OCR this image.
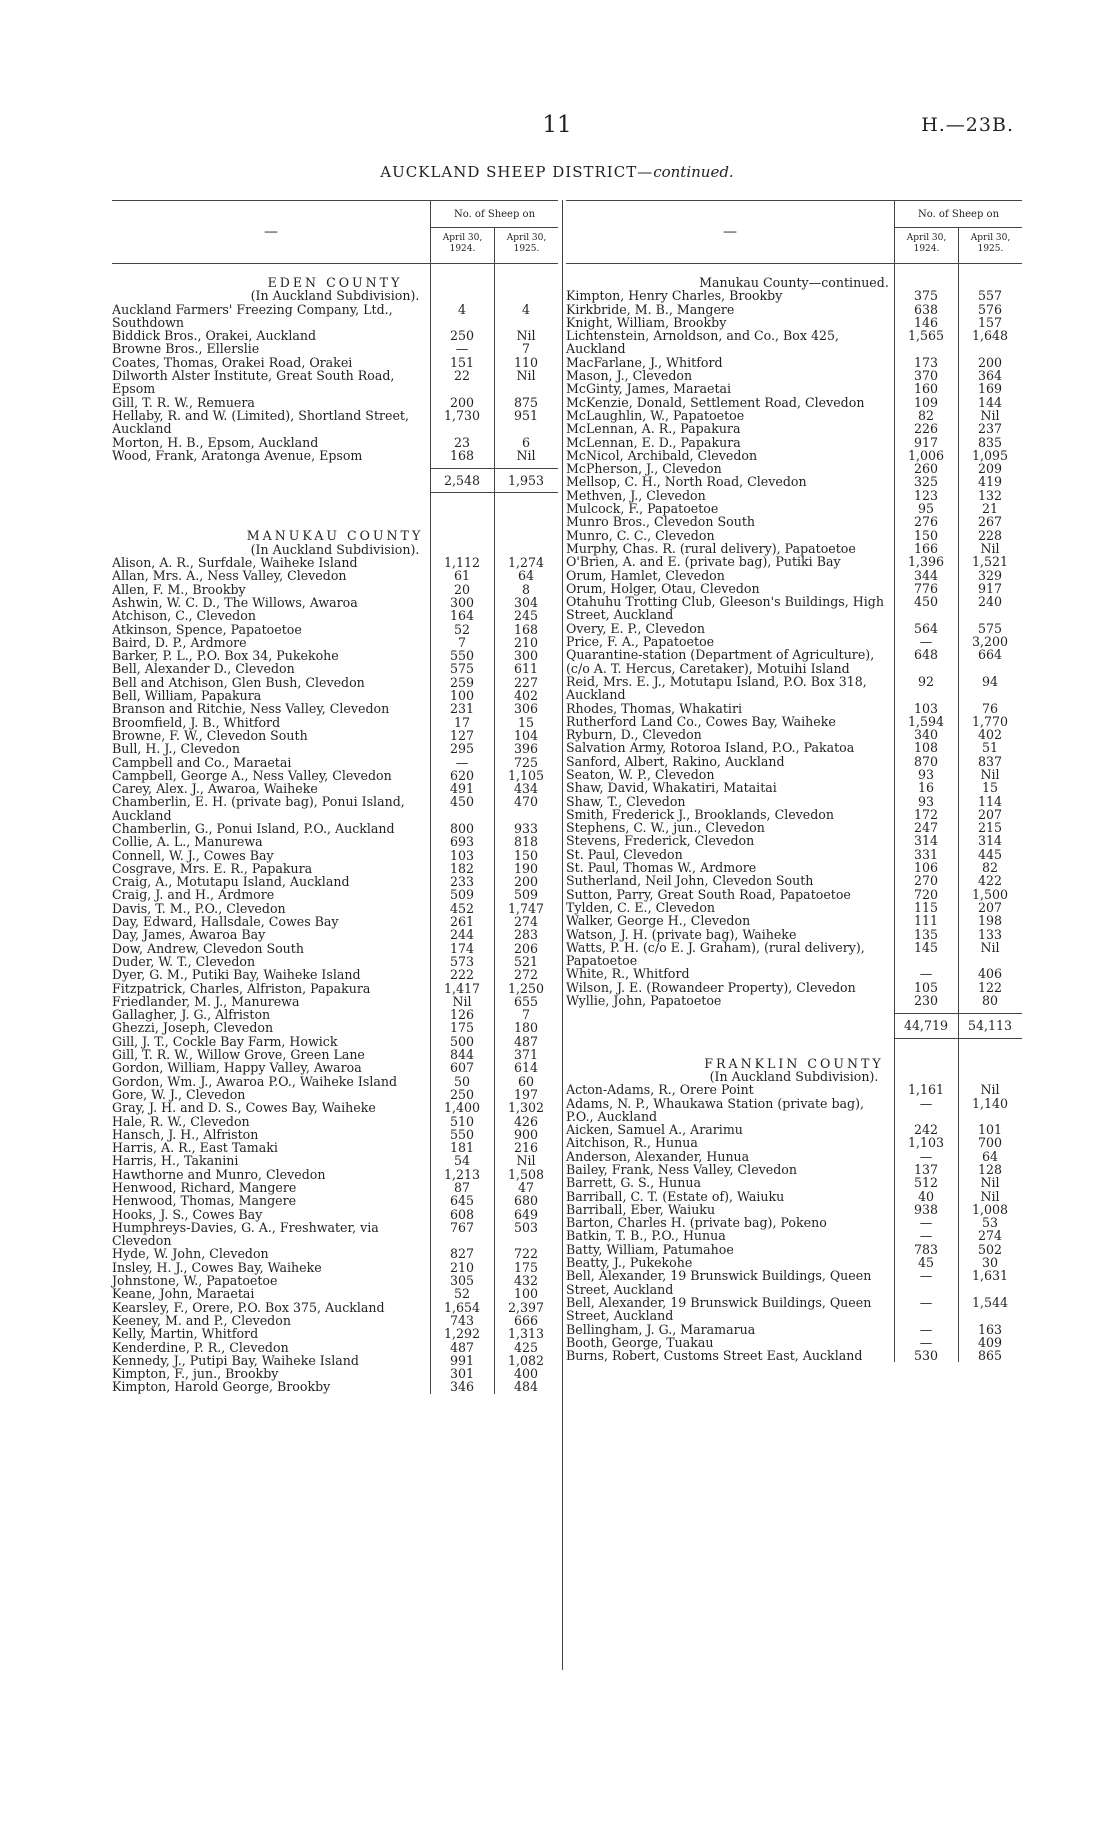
11	H.—23B.
AUCKLAND SHEEP DISTRICT—continued.
—
No. of Sheep on
April 30, 1924.
April 30, 1925.
EDEN COUNTY
(In Auckland Subdivision).
Auckland Farmers' Freezing Company, Ltd., Southdown
4	4
Biddick Bros., Orakei, Auckland	250	Nil
Browne Bros., Ellerslie	—	7
Coates, Thomas, Orakei Road, Orakei	151	110
Dilworth Alster Institute, Great South Road, Epsom
22	Nil
Gill, T. R. W., Remuera	200	875
Hellaby, R. and W. (Limited), Shortland Street, Auckland
1,730	951
Morton, H. B., Epsom, Auckland	23	6
Wood, Frank, Aratonga Avenue, Epsom	168	Nil
2,548	1,953
MANUKAU COUNTY
(In Auckland Subdivision).
Alison, A. R., Surfdale, Waiheke Island	1,112	1,274
Allan, Mrs. A., Ness Valley, Clevedon	61	64
Allen, F. M., Brookby	20	8
Ashwin, W. C. D., The Willows, Awaroa	300	304
Atchison, C., Clevedon	164	245
Atkinson, Spence, Papatoetoe	52	168
Baird, D. P., Ardmore	7	210
Barker, P. L., P.O. Box 34, Pukekohe	550	300
Bell, Alexander D., Clevedon	575	611
Bell and Atchison, Glen Bush, Clevedon	259	227
Bell, William, Papakura	100	402
Branson and Ritchie, Ness Valley, Clevedon	231	306
Broomfield, J. B., Whitford	17	15
Browne, F. W., Clevedon South	127	104
Bull, H. J., Clevedon	295	396
Campbell and Co., Maraetai	—	725
Campbell, George A., Ness Valley, Clevedon	620	1,105
Carey, Alex. J., Awaroa, Waiheke	491	434
Chamberlin, E. H. (private bag), Ponui Island, Auckland
450	470
Chamberlin, G., Ponui Island, P.O., Auckland	800	933
Collie, A. L., Manurewa	693	818
Connell, W. J., Cowes Bay	103	150
Cosgrave, Mrs. E. R., Papakura	182	190
Craig, A., Motutapu Island, Auckland	233	200
Craig, J. and H., Ardmore	509	509
Davis, T. M., P.O., Clevedon	452	1,747
Day, Edward, Hallsdale, Cowes Bay	261	274
Day, James, Awaroa Bay	244	283
Dow, Andrew, Clevedon South	174	206
Duder, W. T., Clevedon	573	521
Dyer, G. M., Putiki Bay, Waiheke Island	222	272
Fitzpatrick, Charles, Alfriston, Papakura	1,417	1,250
Friedlander, M. J., Manurewa	Nil	655
Gallagher, J. G., Alfriston	126	7
Ghezzi, Joseph, Clevedon	175	180
Gill, J. T., Cockle Bay Farm, Howick	500	487
Gill, T. R. W., Willow Grove, Green Lane	844	371
Gordon, William, Happy Valley, Awaroa	607	614
Gordon, Wm. J., Awaroa P.O., Waiheke Island	50	60
Gore, W. J., Clevedon	250	197
Gray, J. H. and D. S., Cowes Bay, Waiheke	1,400	1,302
Hale, R. W., Clevedon	510	426
Hansch, J. H., Alfriston	550	900
Harris, A. R., East Tamaki	181	216
Harris, H., Takanini	54	Nil
Hawthorne and Munro, Clevedon	1,213	1,508
Henwood, Richard, Mangere	87	47
Henwood, Thomas, Mangere	645	680
Hooks, J. S., Cowes Bay	608	649
Humphreys-Davies, G. A., Freshwater, via Clevedon
767	503
Hyde, W. John, Clevedon	827	722
Insley, H. J., Cowes Bay, Waiheke	210	175
Johnstone, W., Papatoetoe	305	432
Keane, John, Maraetai	52	100
Kearsley, F., Orere, P.O. Box 375, Auckland	1,654	2,397
Keeney, M. and P., Clevedon	743	666
Kelly, Martin, Whitford	1,292	1,313
Kenderdine, P. R., Clevedon	487	425
Kennedy, J., Putipi Bay, Waiheke Island	991	1,082
Kimpton, F., jun., Brookby	301	400
Kimpton, Harold George, Brookby	346	484
—
No. of Sheep on
April 30, 1924.
April 30, 1925.
Manukau County—continued.
Kimpton, Henry Charles, Brookby	375	557
Kirkbride, M. B., Mangere	638	576
Knight, William, Brookby	146	157
Lichtenstein, Arnoldson, and Co., Box 425, Auckland
1,565	1,648
MacFarlane, J., Whitford	173	200
Mason, J., Clevedon	370	364
McGinty, James, Maraetai	160	169
McKenzie, Donald, Settlement Road, Clevedon	109	144
McLaughlin, W., Papatoetoe	82	Nil
McLennan, A. R., Papakura	226	237
McLennan, E. D., Papakura	917	835
McNicol, Archibald, Clevedon	1,006	1,095
McPherson, J., Clevedon	260	209
Mellsop, C. H., North Road, Clevedon	325	419
Methven, J., Clevedon	123	132
Mulcock, F., Papatoetoe	95	21
Munro Bros., Clevedon South	276	267
Munro, C. C., Clevedon	150	228
Murphy, Chas. R. (rural delivery), Papatoetoe	166	Nil
O'Brien, A. and E. (private bag), Putiki Bay	1,396	1,521
Orum, Hamlet, Clevedon	344	329
Orum, Holger, Otau, Clevedon	776	917
Otahuhu Trotting Club, Gleeson's Buildings, High Street, Auckland
450	240
Overy, E. P., Clevedon	564	575
Price, F. A., Papatoetoe	—	3,200
Quarantine-station (Department of Agriculture), (c/o A. T. Hercus, Caretaker), Motuihi Island
648	664
Reid, Mrs. E. J., Motutapu Island, P.O. Box 318, Auckland
92	94
Rhodes, Thomas, Whakatiri	103	76
Rutherford Land Co., Cowes Bay, Waiheke	1,594	1,770
Ryburn, D., Clevedon	340	402
Salvation Army, Rotoroa Island, P.O., Pakatoa	108	51
Sanford, Albert, Rakino, Auckland	870	837
Seaton, W. P., Clevedon	93	Nil
Shaw, David, Whakatiri, Mataitai	16	15
Shaw, T., Clevedon	93	114
Smith, Frederick J., Brooklands, Clevedon	172	207
Stephens, C. W., jun., Clevedon	247	215
Stevens, Frederick, Clevedon	314	314
St. Paul, Clevedon	331	445
St. Paul, Thomas W., Ardmore	106	82
Sutherland, Neil John, Clevedon South	270	422
Sutton, Parry, Great South Road, Papatoetoe	720	1,500
Tylden, C. E., Clevedon	115	207
Walker, George H., Clevedon	111	198
Watson, J. H. (private bag), Waiheke	135	133
Watts, P. H. (c/o E. J. Graham), (rural delivery), Papatoetoe
145	Nil
White, R., Whitford	—	406
Wilson, J. E. (Rowandeer Property), Clevedon	105	122
Wyllie, John, Papatoetoe	230	80
44,719	54,113
FRANKLIN COUNTY
(In Auckland Subdivision).
Acton-Adams, R., Orere Point	1,161	Nil
Adams, N. P., Whaukawa Station (private bag), P.O., Auckland
—	1,140
Aicken, Samuel A., Ararimu	242	101
Aitchison, R., Hunua	1,103	700
Anderson, Alexander, Hunua	—	64
Bailey, Frank, Ness Valley, Clevedon	137	128
Barrett, G. S., Hunua	512	Nil
Barriball, C. T. (Estate of), Waiuku	40	Nil
Barriball, Eber, Waiuku	938	1,008
Barton, Charles H. (private bag), Pokeno	—	53
Batkin, T. B., P.O., Hunua	—	274
Batty, William, Patumahoe	783	502
Beatty, J., Pukekohe	45	30
Bell, Alexander, 19 Brunswick Buildings, Queen Street, Auckland
—	1,631
Bell, Alexander, 19 Brunswick Buildings, Queen Street, Auckland
—	1,544
Bellingham, J. G., Maramarua	—	163
Booth, George, Tuakau	—	409
Burns, Robert, Customs Street East, Auckland	530	865
